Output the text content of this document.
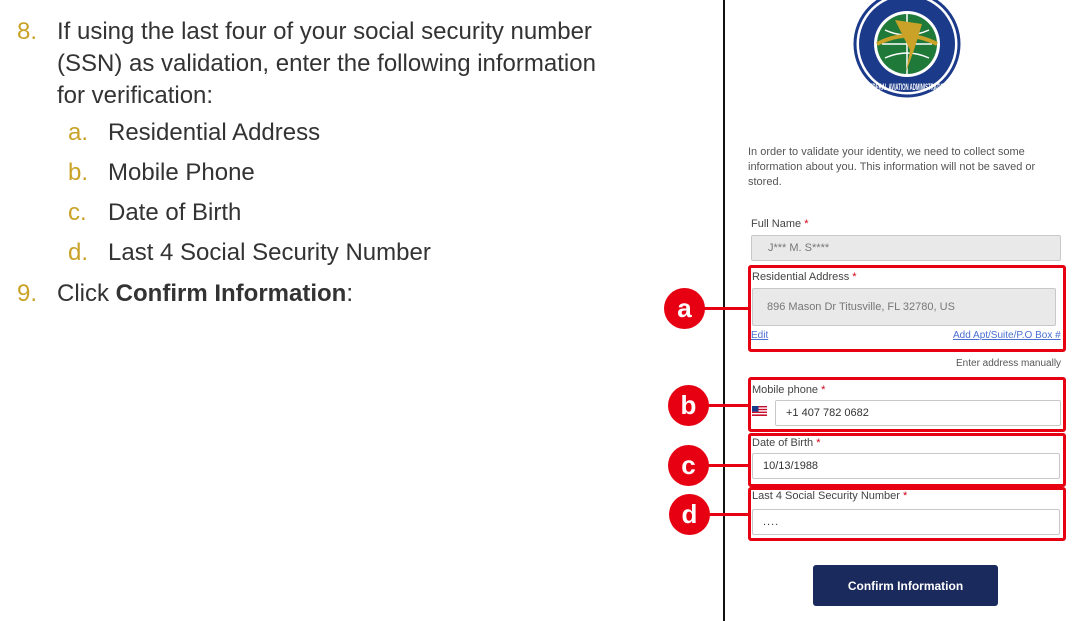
8. If using the last four of your social security number
(SSN) as validation, enter the following information
for verification:
a. Residential Address
b. Mobile Phone
c. Date of Birth
d. Last 4 Social Security Number
9. Click Confirm Information:
FEDERAL AVIATION ADMINISTRATION

In order to validate your identity, we need to collect some information about you. This information will not be saved or stored.

Full Name *
J*** M. S****
Residential Address *
896 Mason Dr Titusville, FL 32780, US
Edit	Add Apt/Suite/P.O Box #
Enter address manually
Mobile phone *
+1 407 782 0682
Date of Birth *
10/13/1988
Last 4 Social Security Number *
....
Confirm Information
a
b
c
d
